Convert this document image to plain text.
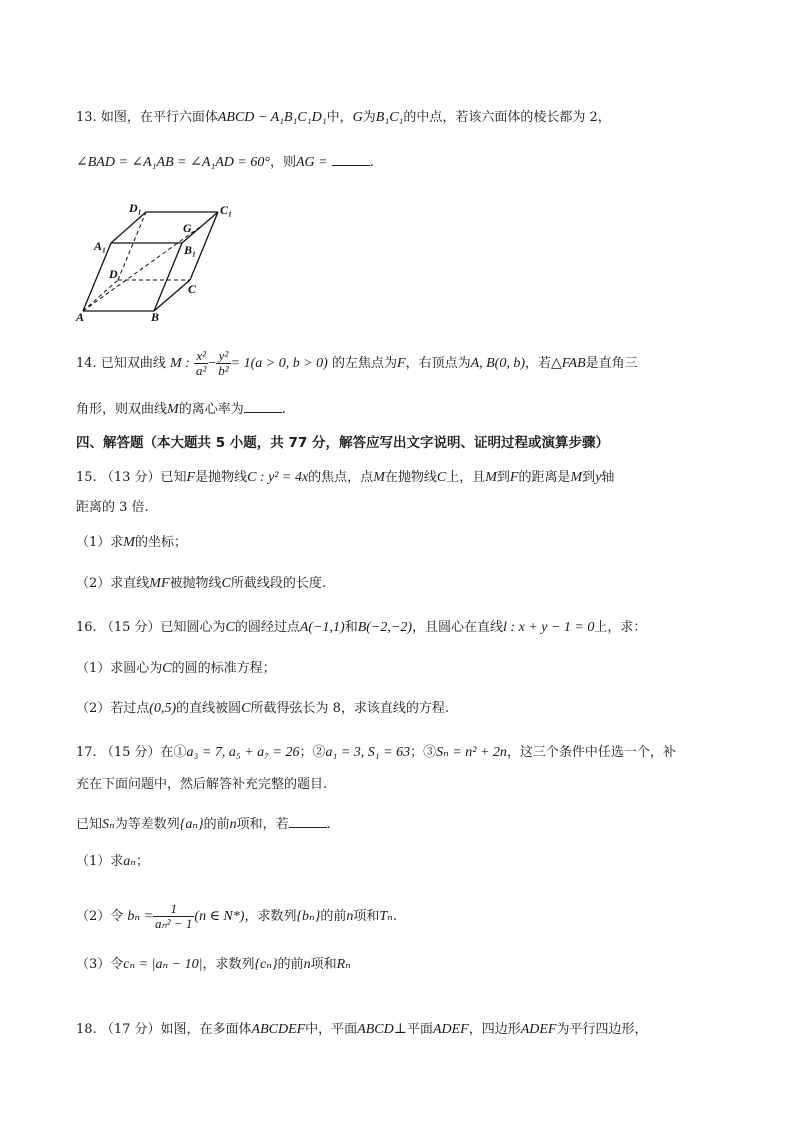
13. 如图，在平行六面体ABCD − A₁B₁C₁D₁中，G为B₁C₁的中点，若该六面体的棱长都为 2，
∠BAD = ∠A₁AB = ∠A₁AD = 60°，则AG =	.
D₁	C₁
A₁
G
B₁
D
C
A	B
14. 已知双曲线 M : $\frac{\text{x²}}{\text{a²}} - \frac{\text{y²}}{\text{b²}} = 1(a > 0$, b > 0) 的左焦点为F，右顶点为A, B(0, b)，若△FAB是直角三
角形，则双曲线M的离心率为	.
四、解答题（本大题共 5 小题，共 77 分，解答应写出文字说明、证明过程或演算步骤）
15. （13 分）已知F是抛物线C : y² = 4x的焦点，点M在抛物线C上，且M到F的距离是M到y轴
距离的 3 倍.
（1）求M的坐标；
（2）求直线MF被抛物线C所截线段的长度.
16. （15 分）已知圆心为C的圆经过点A(−1,1)和B(−2,−2)，且圆心在直线l : x + y − 1 = 0上，求：
（1）求圆心为C的圆的标准方程；
（2）若过点(0,5)的直线被圆C所截得弦长为 8，求该直线的方程.
17. （15 分）在①a₃ = 7, a₅ + a₇ = 26；②a₁ = 3, S₁ = 63；③Sₙ = n² + 2n，这三个条件中任选一个，补
充在下面问题中，然后解答补充完整的题目.
已知Sₙ为等差数列{aₙ}的前n项和，若	.
（1）求aₙ；
（2）令 $b_n = \frac{1}{\text{aₙ² − 1}} (n$ ∈ N*)，求数列{bₙ}的前n项和Tₙ.
（3）令cₙ = |aₙ − 10|，求数列{cₙ}的前n项和Rₙ
18. （17 分）如图，在多面体ABCDEF中，平面ABCD⊥平面ADEF，四边形ADEF为平行四边形，
